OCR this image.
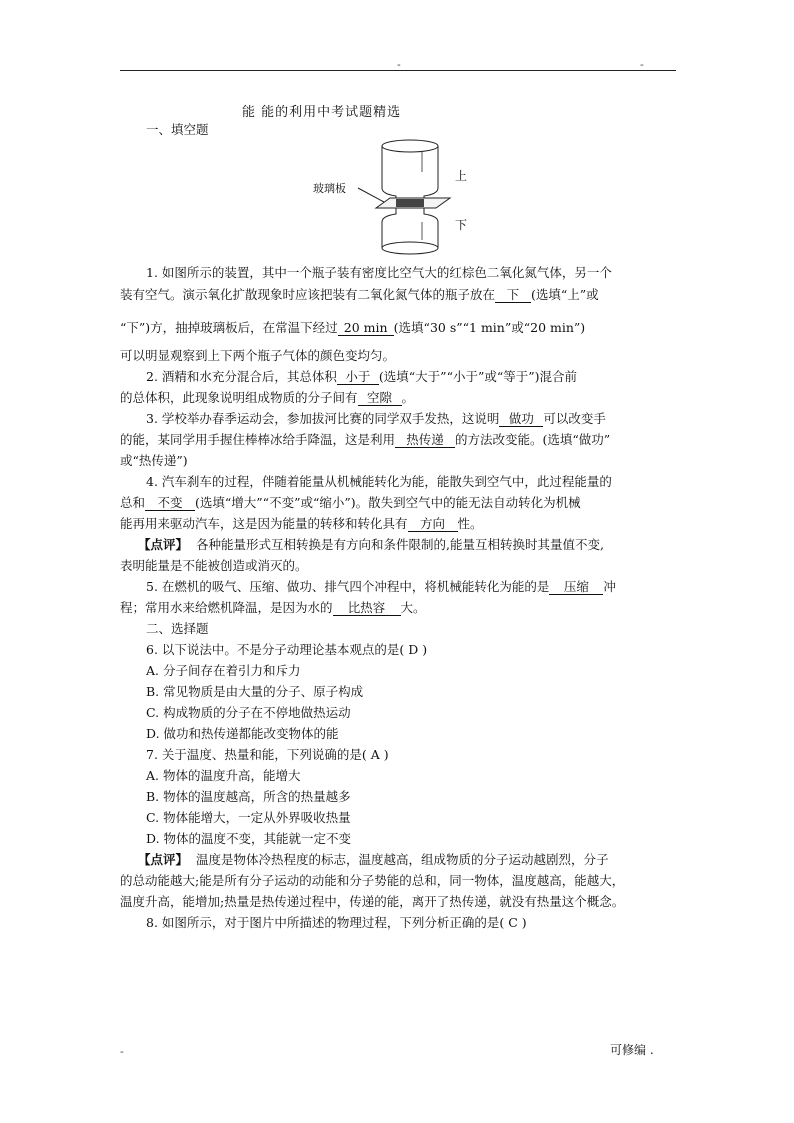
-	-
能 能的利用中考试题精选
一、填空题
玻璃板
上
下
1. 如图所示的装置，其中一个瓶子装有密度比空气大的红棕色二氧化氮气体，另一个
装有空气。演示氧化扩散现象时应该把装有二氧化氮气体的瓶子放在 下 (选填“上”或
“下”)方，抽掉玻璃板后，在常温下经过 20 min (选填“30 s”“1 min”或“20 min”)
可以明显观察到上下两个瓶子气体的颜色变均匀。
2. 酒精和水充分混合后，其总体积 小于 (选填“大于”“小于”或“等于”)混合前
的总体积，此现象说明组成物质的分子间有 空隙 。
3. 学校举办春季运动会，参加拔河比赛的同学双手发热，这说明 做功 可以改变手
的能，某同学用手握住棒棒冰给手降温，这是利用 热传递 的方法改变能。(选填“做功”
或“热传递”)
4. 汽车刹车的过程，伴随着能量从机械能转化为能，能散失到空气中，此过程能量的
总和 不变 (选填“增大”“不变”或“缩小”)。散失到空气中的能无法自动转化为机械
能再用来驱动汽车，这是因为能量的转移和转化具有 方向 性。
【点评】 各种能量形式互相转换是有方向和条件限制的,能量互相转换时其量值不变,
表明能量是不能被创造或消灭的。
5. 在燃机的吸气、压缩、做功、排气四个冲程中，将机械能转化为能的是 压缩 冲
程；常用水来给燃机降温，是因为水的 比热容 大。
二、选择题
6. 以下说法中。不是分子动理论基本观点的是( D )
A. 分子间存在着引力和斥力
B. 常见物质是由大量的分子、原子构成
C. 构成物质的分子在不停地做热运动
D. 做功和热传递都能改变物体的能
7. 关于温度、热量和能，下列说确的是( A )
A. 物体的温度升高，能增大
B. 物体的温度越高，所含的热量越多
C. 物体能增大，一定从外界吸收热量
D. 物体的温度不变，其能就一定不变
【点评】 温度是物体冷热程度的标志，温度越高，组成物质的分子运动越剧烈，分子
的总动能越大;能是所有分子运动的动能和分子势能的总和，同一物体，温度越高，能越大，
温度升高，能增加;热量是热传递过程中，传递的能，离开了热传递，就没有热量这个概念。
8. 如图所示，对于图片中所描述的物理过程，下列分析正确的是( C )
-	可修编 .
